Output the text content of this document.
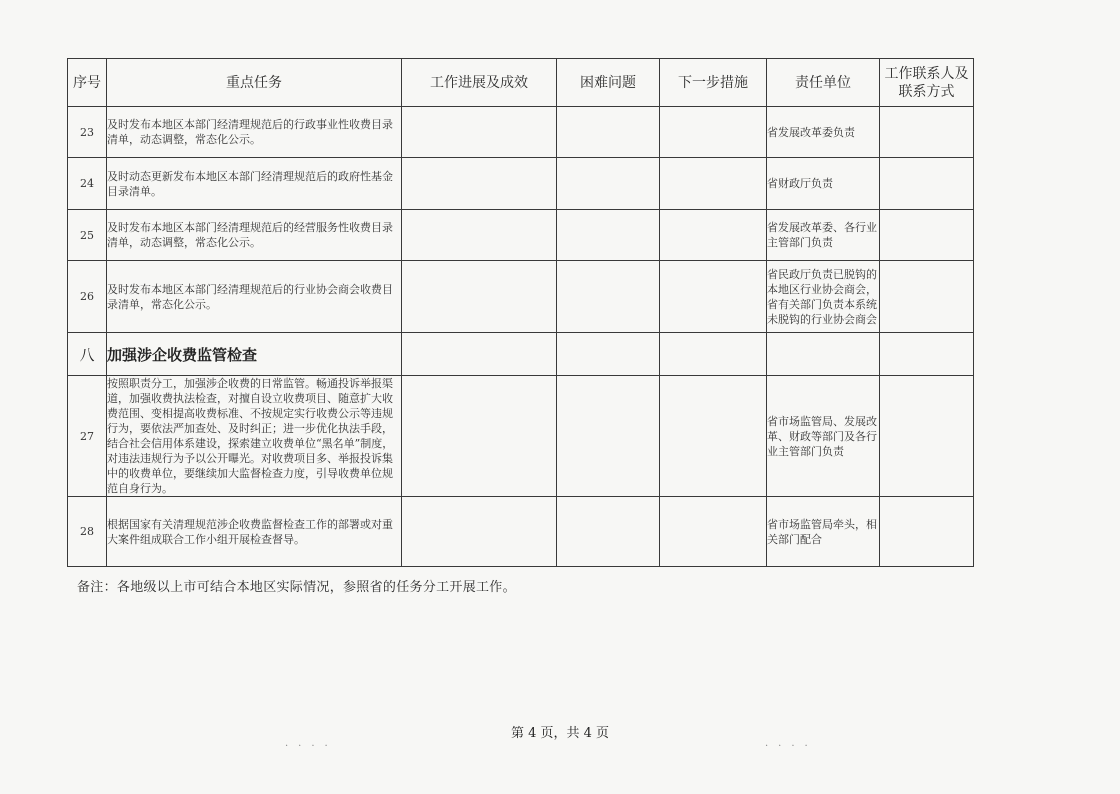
序号	重点任务	工作进展及成效	困难问题	下一步措施	责任单位	工作联系人及联系方式
23	及时发布本地区本部门经清理规范后的行政事业性收费目录清单，动态调整，常态化公示。				省发展改革委负责	
24	及时动态更新发布本地区本部门经清理规范后的政府性基金目录清单。				省财政厅负责	
25	及时发布本地区本部门经清理规范后的经营服务性收费目录清单，动态调整，常态化公示。				省发展改革委、各行业主管部门负责	
26	及时发布本地区本部门经清理规范后的行业协会商会收费目录清单，常态化公示。				省民政厅负责已脱钩的本地区行业协会商会，省有关部门负责本系统未脱钩的行业协会商会	
八	加强涉企收费监管检查					
27	按照职责分工，加强涉企收费的日常监管。畅通投诉举报渠道，加强收费执法检查，对擅自设立收费项目、随意扩大收费范围、变相提高收费标准、不按规定实行收费公示等违规行为，要依法严加查处、及时纠正；进一步优化执法手段，结合社会信用体系建设，探索建立收费单位“黑名单”制度，对违法违规行为予以公开曝光。对收费项目多、举报投诉集中的收费单位，要继续加大监督检查力度，引导收费单位规范自身行为。				省市场监管局、发展改革、财政等部门及各行业主管部门负责	
28	根据国家有关清理规范涉企收费监督检查工作的部署或对重大案件组成联合工作小组开展检查督导。				省市场监管局牵头，相关部门配合	
备注：各地级以上市可结合本地区实际情况，参照省的任务分工开展工作。
第 4 页，共 4 页
....	....
